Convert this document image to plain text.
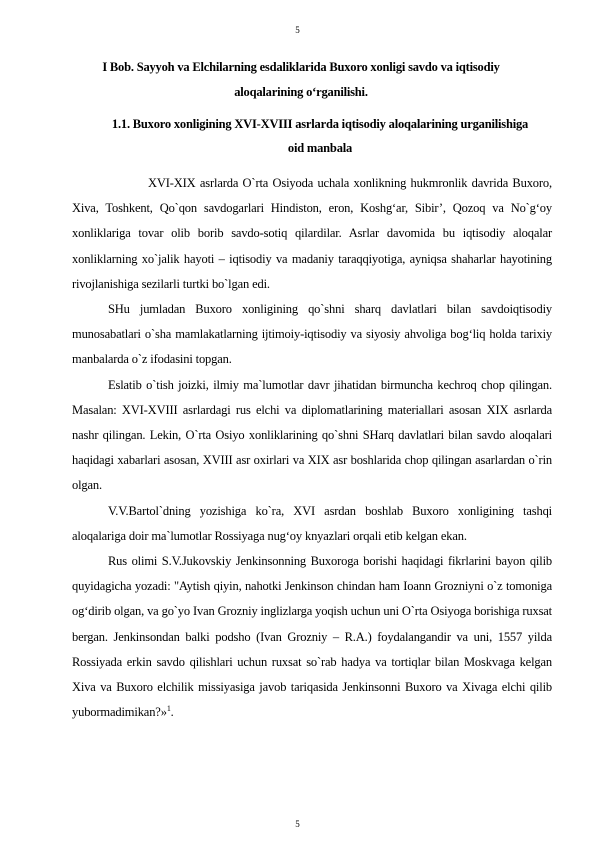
5
I Bob. Sayyoh va Elchilarning esdaliklarida Buxoro xonligi savdo va iqtisodiy aloqalarining o‘rganilishi.
1.1. Buxoro xonligining XVI-XVIII asrlarda iqtisodiy aloqalarining urganilishiga oid manbala

XVI-XIX asrlarda O`rta Osiyoda uchala xonlikning hukmronlik davrida Buxoro, Xiva, Toshkent, Qo`qon savdogarlari Hindiston, eron, Koshg‘ar, Sibir’, Qozoq va No`g‘oy xonliklariga tovar olib borib savdo-sotiq qilardilar. Asrlar davomida bu iqtisodiy aloqalar xonliklarning xo`jalik hayoti – iqtisodiy va madaniy taraqqiyotiga, ayniqsa shaharlar hayotining rivojlanishiga sezilarli turtki bo`lgan edi.

SHu jumladan Buxoro xonligining qo`shni sharq davlatlari bilan savdoiqtisodiy munosabatlari o`sha mamlakatlarning ijtimoiy-iqtisodiy va siyosiy ahvoliga bog‘liq holda tarixiy manbalarda o`z ifodasini topgan.

Eslatib o`tish joizki, ilmiy ma`lumotlar davr jihatidan birmuncha kechroq chop qilingan. Masalan: XVI-XVIII asrlardagi rus elchi va diplomatlarining materiallari asosan XIX asrlarda nashr qilingan. Lekin, O`rta Osiyo xonliklarining qo`shni SHarq davlatlari bilan savdo aloqalari haqidagi xabarlari asosan, XVIII asr oxirlari va XIX asr boshlarida chop qilingan asarlardan o`rin olgan.

V.V.Bartol`dning yozishiga ko`ra, XVI asrdan boshlab Buxoro xonligining tashqi aloqalariga doir ma`lumotlar Rossiyaga nug‘oy knyazlari orqali etib kelgan ekan.

Rus olimi S.V.Jukovskiy Jenkinsonning Buxoroga borishi haqidagi fikrlarini bayon qilib quyidagicha yozadi: "Aytish qiyin, nahotki Jenkinson chindan ham Ioann Grozniyni o`z tomoniga og‘dirib olgan, va go`yo Ivan Grozniy inglizlarga yoqish uchun uni O`rta Osiyoga borishiga ruxsat bergan. Jenkinsondan balki podsho (Ivan Grozniy – R.A.) foydalangandir va uni, 1557 yilda Rossiyada erkin savdo qilishlari uchun ruxsat so`rab hadya va tortiqlar bilan Moskvaga kelgan Xiva va Buxoro elchilik missiyasiga javob tariqasida Jenkinsonni Buxoro va Xivaga elchi qilib yubormadimikan?»$^1$.

5
